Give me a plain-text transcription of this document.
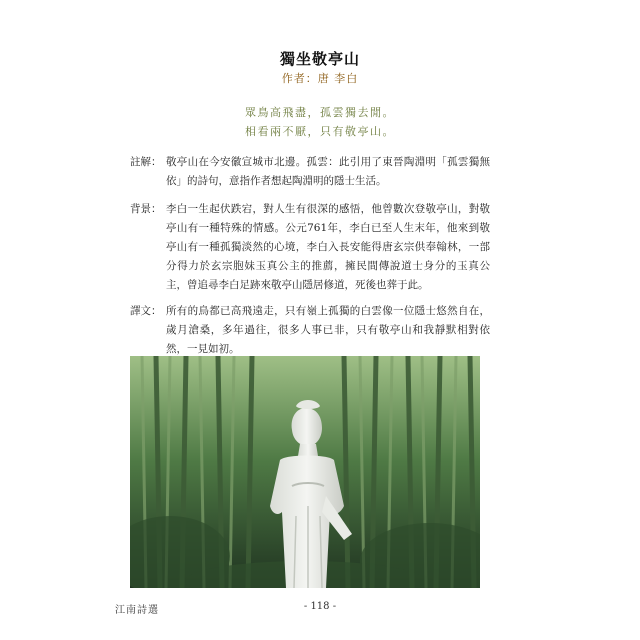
獨坐敬亭山
作者：唐 李白
眾鳥高飛盡，孤雲獨去閒。
相看兩不厭，只有敬亭山。
註解： 敬亭山在今安徽宣城市北邊。孤雲：此引用了東晉陶淵明「孤雲獨無依」的詩句，意指作者想起陶淵明的隱士生活。
背景： 李白一生起伏跌宕，對人生有很深的感悟，他曾數次登敬亭山，對敬亭山有一種特殊的情感。公元761年，李白已至人生末年，他來到敬亭山有一種孤獨淡然的心境，李白入長安能得唐玄宗供奉翰林，一部分得力於玄宗胞妹玉真公主的推薦，擁民間傳說道士身分的玉真公主，曾追尋李白足跡來敬亭山隱居修道，死後也葬于此。
譯文： 所有的鳥都已高飛遠走，只有嶺上孤獨的白雲像一位隱士悠然自在，歲月滄桑，多年過往，很多人事已非，只有敬亭山和我靜默相對依然，一見如初。
江南詩選	- 118 -
